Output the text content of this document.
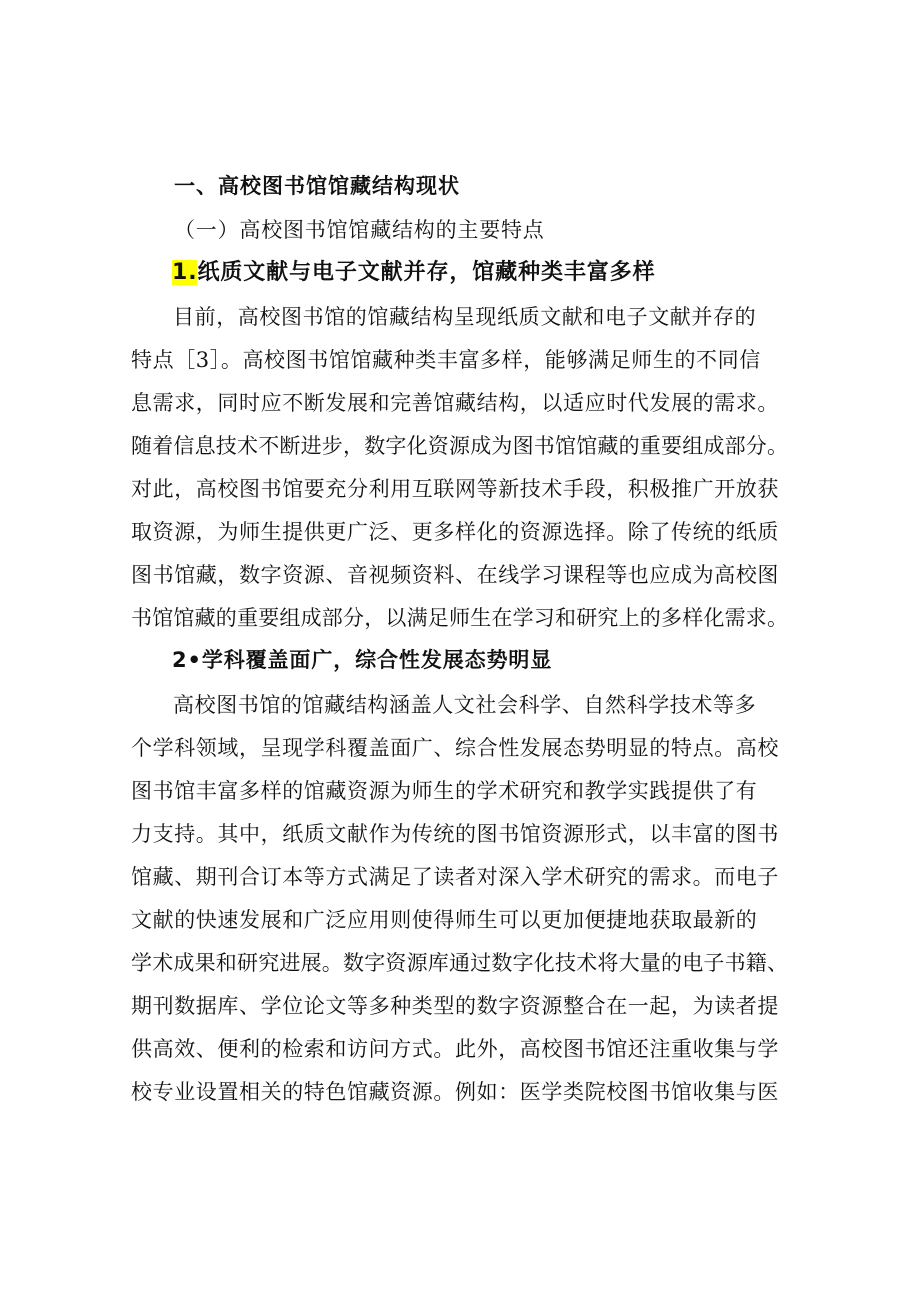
一、高校图书馆馆藏结构现状
（一）高校图书馆馆藏结构的主要特点
1.纸质文献与电子文献并存，馆藏种类丰富多样
目前，高校图书馆的馆藏结构呈现纸质文献和电子文献并存的
特点［3］。高校图书馆馆藏种类丰富多样，能够满足师生的不同信
息需求，同时应不断发展和完善馆藏结构，以适应时代发展的需求。
随着信息技术不断进步，数字化资源成为图书馆馆藏的重要组成部分。
对此，高校图书馆要充分利用互联网等新技术手段，积极推广开放获
取资源，为师生提供更广泛、更多样化的资源选择。除了传统的纸质
图书馆藏，数字资源、音视频资料、在线学习课程等也应成为高校图
书馆馆藏的重要组成部分，以满足师生在学习和研究上的多样化需求。
2•学科覆盖面广，综合性发展态势明显
高校图书馆的馆藏结构涵盖人文社会科学、自然科学技术等多
个学科领域，呈现学科覆盖面广、综合性发展态势明显的特点。高校
图书馆丰富多样的馆藏资源为师生的学术研究和教学实践提供了有
力支持。其中，纸质文献作为传统的图书馆资源形式，以丰富的图书
馆藏、期刊合订本等方式满足了读者对深入学术研究的需求。而电子
文献的快速发展和广泛应用则使得师生可以更加便捷地获取最新的
学术成果和研究进展。数字资源库通过数字化技术将大量的电子书籍、
期刊数据库、学位论文等多种类型的数字资源整合在一起，为读者提
供高效、便利的检索和访问方式。此外，高校图书馆还注重收集与学
校专业设置相关的特色馆藏资源。例如：医学类院校图书馆收集与医
